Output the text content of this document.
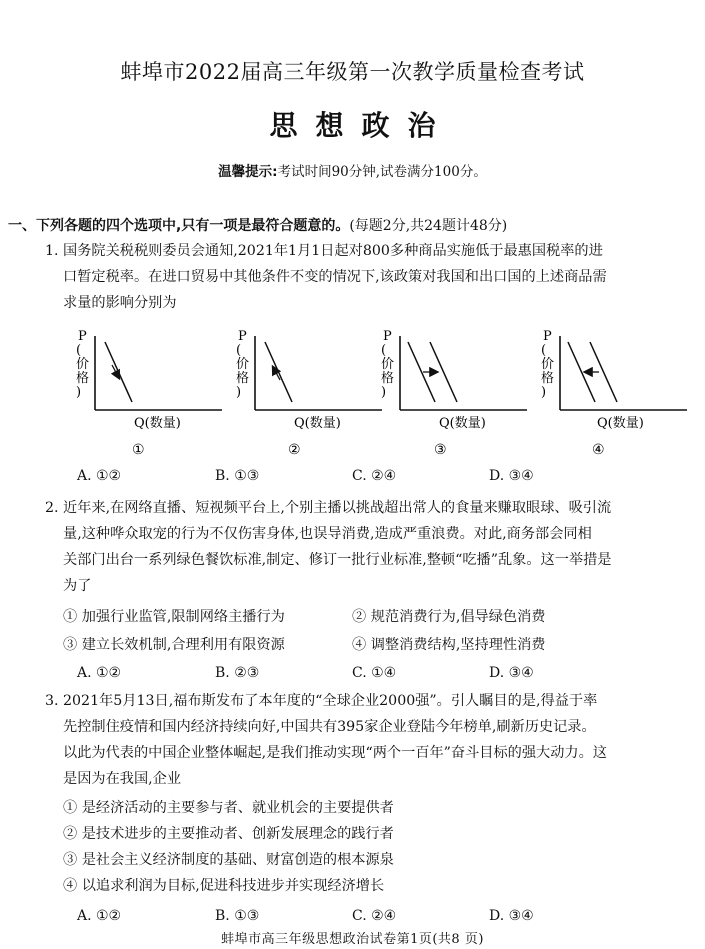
蚌埠市2022届高三年级第一次教学质量检查考试
思想政治
温馨提示:考试时间90分钟,试卷满分100分。
一、下列各题的四个选项中,只有一项是最符合题意的。(每题2分,共24题计48分)
1. 国务院关税税则委员会通知,2021年1月1日起对800多种商品实施低于最惠国税率的进
口暂定税率。在进口贸易中其他条件不变的情况下,该政策对我国和出口国的上述商品需
求量的影响分别为
P
(
价
格
)
Q(数量)
①
P
(
价
格
)
Q(数量)
②
P
(
价
格
)
Q(数量)
③
P
(
价
格
)
Q(数量)
④
A. ①②	B. ①③	C. ②④	D. ③④
2. 近年来,在网络直播、短视频平台上,个别主播以挑战超出常人的食量来赚取眼球、吸引流
量,这种哗众取宠的行为不仅伤害身体,也误导消费,造成严重浪费。对此,商务部会同相
关部门出台一系列绿色餐饮标准,制定、修订一批行业标准,整顿“吃播”乱象。这一举措是
为了
① 加强行业监管,限制网络主播行为	② 规范消费行为,倡导绿色消费
③ 建立长效机制,合理利用有限资源	④ 调整消费结构,坚持理性消费
A. ①②	B. ②③	C. ①④	D. ③④
3. 2021年5月13日,福布斯发布了本年度的“全球企业2000强”。引人瞩目的是,得益于率
先控制住疫情和国内经济持续向好,中国共有395家企业登陆今年榜单,刷新历史记录。
以此为代表的中国企业整体崛起,是我们推动实现“两个一百年”奋斗目标的强大动力。这
是因为在我国,企业
① 是经济活动的主要参与者、就业机会的主要提供者
② 是技术进步的主要推动者、创新发展理念的践行者
③ 是社会主义经济制度的基础、财富创造的根本源泉
④ 以追求利润为目标,促进科技进步并实现经济增长
A. ①②	B. ①③	C. ②④	D. ③④
蚌埠市高三年级思想政治试卷第1页(共8 页)
